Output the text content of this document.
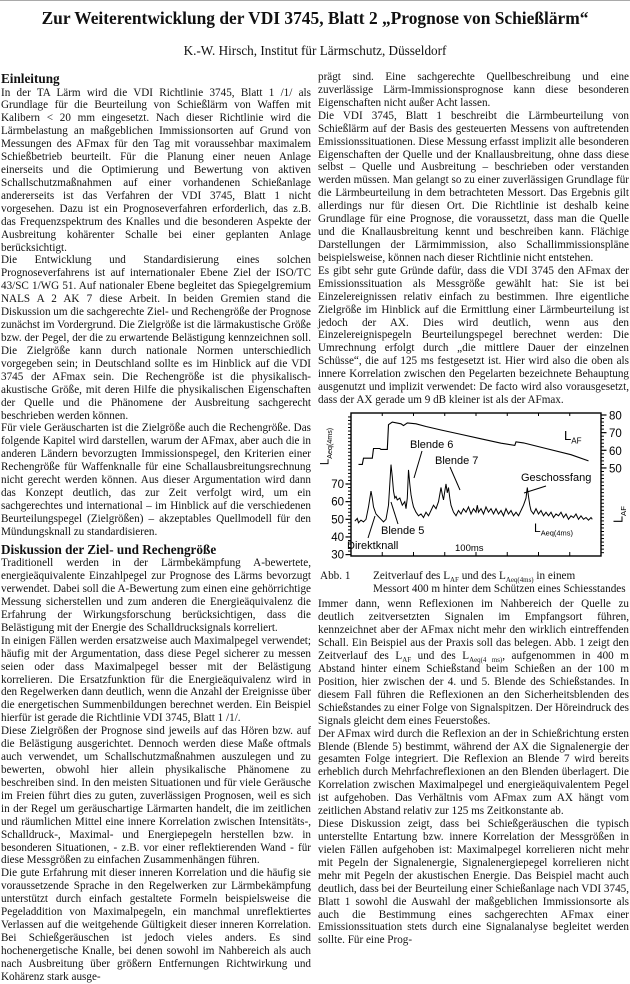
Zur Weiterentwicklung der VDI 3745, Blatt 2 „Prognose von Schießlärm“
K.-W. Hirsch, Institut für Lärmschutz, Düsseldorf
Einleitung

In der TA Lärm wird die VDI Richtlinie 3745, Blatt 1 /1/ als Grundlage für die Beurteilung von Schießlärm von Waffen mit Kalibern < 20 mm eingesetzt. Nach dieser Richtlinie wird die Lärmbelastung an maßgeblichen Immissionsorten auf Grund von Messungen des AFmax für den Tag mit voraussehbar maximalem Schießbetrieb beurteilt. Für die Planung einer neuen Anlage einerseits und die Optimierung und Bewertung von aktiven Schallschutzmaßnahmen auf einer vorhandenen Schießanlage andererseits ist das Verfahren der VDI 3745, Blatt 1 nicht vorgesehen. Dazu ist ein Prognoseverfahren erforderlich, das z.B. das Frequenzspektrum des Knalles und die besonderen Aspekte der Ausbreitung kohärenter Schalle bei einer geplanten Anlage berücksichtigt.

Die Entwicklung und Standardisierung eines solchen Prognoseverfahrens ist auf internationaler Ebene Ziel der ISO/TC 43/SC 1/WG 51. Auf nationaler Ebene begleitet das Spiegelgremium NALS A 2 AK 7 diese Arbeit. In beiden Gremien stand die Diskussion um die sachgerechte Ziel- und Rechengröße der Prognose zunächst im Vordergrund. Die Zielgröße ist die lärmakustische Größe bzw. der Pegel, der die zu erwartende Belästigung kennzeichnen soll. Die Zielgröße kann durch nationale Normen unterschiedlich vorgegeben sein; in Deutschland sollte es im Hinblick auf die VDI 3745 der AFmax sein. Die Rechengröße ist die physikalisch-akustische Größe, mit deren Hilfe die physikalischen Eigenschaften der Quelle und die Phänomene der Ausbreitung sachgerecht beschrieben werden können.

Für viele Geräuscharten ist die Zielgröße auch die Rechengröße. Das folgende Kapitel wird darstellen, warum der AFmax, aber auch die in anderen Ländern bevorzugten Immissionspegel, den Kriterien einer Rechengröße für Waffenknalle für eine Schallausbreitungsrechnung nicht gerecht werden können. Aus dieser Argumentation wird dann das Konzept deutlich, das zur Zeit verfolgt wird, um ein sachgerechtes und international – im Hinblick auf die verschiedenen Beurteilungspegel (Zielgrößen) – akzeptables Quellmodell für den Mündungsknall zu standardisieren.

Diskussion der Ziel- und Rechengröße

Traditionell werden in der Lärmbekämpfung A-bewertete, energieäquivalente Einzahlpegel zur Prognose des Lärms bevorzugt verwendet. Dabei soll die A-Bewertung zum einen eine gehörrichtige Messung sicherstellen und zum anderen die Energieäquivalenz die Erfahrung der Wirkungsforschung berücksichtigen, dass die Belästigung mit der Energie des Schalldrucksignals korreliert.

In einigen Fällen werden ersatzweise auch Maximalpegel verwendet; häufig mit der Argumentation, dass diese Pegel sicherer zu messen seien oder dass Maximalpegel besser mit der Belästigung korrelieren. Die Ersatzfunktion für die Energieäquivalenz wird in den Regelwerken dann deutlich, wenn die Anzahl der Ereignisse über die energetischen Summenbildungen berechnet werden. Ein Beispiel hierfür ist gerade die Richtlinie VDI 3745, Blatt 1 /1/.

Diese Zielgrößen der Prognose sind jeweils auf das Hören bzw. auf die Belästigung ausgerichtet. Dennoch werden diese Maße oftmals auch verwendet, um Schallschutzmaßnahmen auszulegen und zu bewerten, obwohl hier allein physikalische Phänomene zu beschreiben sind. In den meisten Situationen und für viele Geräusche im Freien führt dies zu guten, zuverlässigen Prognosen, weil es sich in der Regel um geräuschartige Lärmarten handelt, die im zeitlichen und räumlichen Mittel eine innere Korrelation zwischen Intensitäts-, Schalldruck-, Maximal- und Energiepegeln herstellen bzw. in besonderen Situationen, - z.B. vor einer reflektierenden Wand - für diese Messgrößen zu einfachen Zusammenhängen führen.

Die gute Erfahrung mit dieser inneren Korrelation und die häufig sie voraussetzende Sprache in den Regelwerken zur Lärmbekämpfung unterstützt durch einfach gestaltete Formeln beispielsweise die Pegeladdition von Maximalpegeln, ein manchmal unreflektiertes Verlassen auf die weitgehende Gültigkeit dieser inneren Korrelation. Bei Schießgeräuschen ist jedoch vieles anders. Es sind hochenergetische Knalle, bei denen sowohl im Nahbereich als auch nach Ausbreitung über größern Entfernungen Richtwirkung und Kohärenz stark ausge-

prägt sind. Eine sachgerechte Quellbeschreibung und eine zuverlässige Lärm-Immissionsprognose kann diese besonderen Eigenschaften nicht außer Acht lassen.

Die VDI 3745, Blatt 1 beschreibt die Lärmbeurteilung von Schießlärm auf der Basis des gesteuerten Messens von auftretenden Emissionssituationen. Diese Messung erfasst implizit alle besonderen Eigenschaften der Quelle und der Knallausbreitung, ohne dass diese selbst – Quelle und Ausbreitung – beschrieben oder verstanden werden müssen. Man gelangt so zu einer zuverlässigen Grundlage für die Lärmbeurteilung in dem betrachteten Messort. Das Ergebnis gilt allerdings nur für diesen Ort. Die Richtlinie ist deshalb keine Grundlage für eine Prognose, die voraussetzt, dass man die Quelle und die Knallausbreitung kennt und beschreiben kann. Flächige Darstellungen der Lärmimmission, also Schallimmissionspläne beispielsweise, können nach dieser Richtlinie nicht entstehen.

Es gibt sehr gute Gründe dafür, dass die VDI 3745 den AFmax der Emissionssituation als Messgröße gewählt hat: Sie ist bei Einzelereignissen relativ einfach zu bestimmen. Ihre eigentliche Zielgröße im Hinblick auf die Ermittlung einer Lärmbeurteilung ist jedoch der AX. Dies wird deutlich, wenn aus den Einzelereignispegeln Beurteilungspegel berechnet werden: Die Umrechnung erfolgt durch „die mittlere Dauer der einzelnen Schüsse“, die auf 125 ms festgesetzt ist. Hier wird also die oben als innere Korrelation zwischen den Pegelarten bezeichnete Behauptung ausgenutzt und implizit verwendet: De facto wird also vorausgesetzt, dass der AX gerade um 9 dB kleiner ist als der AFmax.

70
60
50
40
30
80
70
60
50
$L_{Aeq(4ms)}$
$L_{AF}$
$L_{AF}$
Blende 6
Blende 7
Geschossfang
Blende 5
Direktknall
$L_{Aeq(4ms)}$
100ms
Abb. 1	Zeitverlauf des $L_{AF}$ und des $L_{Aeq(4ms)}$ in einem
Messort 400 m hinter dem Schützen eines Schiesstandes

Immer dann, wenn Reflexionen im Nahbereich der Quelle zu deutlich zeitversetzten Signalen im Empfangsort führen, kennzeichnet aber der AFmax nicht mehr den wirklich eintreffenden Schall. Ein Beispiel aus der Praxis soll das belegen. Abb. 1 zeigt den Zeitverlauf des $L_{AF}$ und des $L_{Aeq(4 ms)}$, aufgenommen in 400 m Abstand hinter einem Schießstand beim Schießen an der 100 m Position, hier zwischen der 4. und 5. Blende des Schießstandes. In diesem Fall führen die Reflexionen an den Sicherheitsblenden des Schießstandes zu einer Folge von Signalspitzen. Der Höreindruck des Signals gleicht dem eines Feuerstoßes.

Der AFmax wird durch die Reflexion an der in Schießrichtung ersten Blende (Blende 5) bestimmt, während der AX die Signalenergie der gesamten Folge integriert. Die Reflexion an Blende 7 wird bereits erheblich durch Mehrfachreflexionen an den Blenden überlagert. Die Korrelation zwischen Maximalpegel und energieäquivalentem Pegel ist aufgehoben. Das Verhältnis vom AFmax zum AX hängt vom zeitlichen Abstand relativ zur 125 ms Zeitkonstante ab.

Diese Diskussion zeigt, dass bei Schießgeräuschen die typisch unterstellte Entartung bzw. innere Korrelation der Messgrößen in vielen Fällen aufgehoben ist: Maximalpegel korrelieren nicht mehr mit Pegeln der Signalenergie, Signalenergiepegel korrelieren nicht mehr mit Pegeln der akustischen Energie. Das Beispiel macht auch deutlich, dass bei der Beurteilung einer Schießanlage nach VDI 3745, Blatt 1 sowohl die Auswahl der maßgeblichen Immissionsorte als auch die Bestimmung eines sachgerechten AFmax einer Emissionssituation stets durch eine Signalanalyse begleitet werden sollte. Für eine Prog-
